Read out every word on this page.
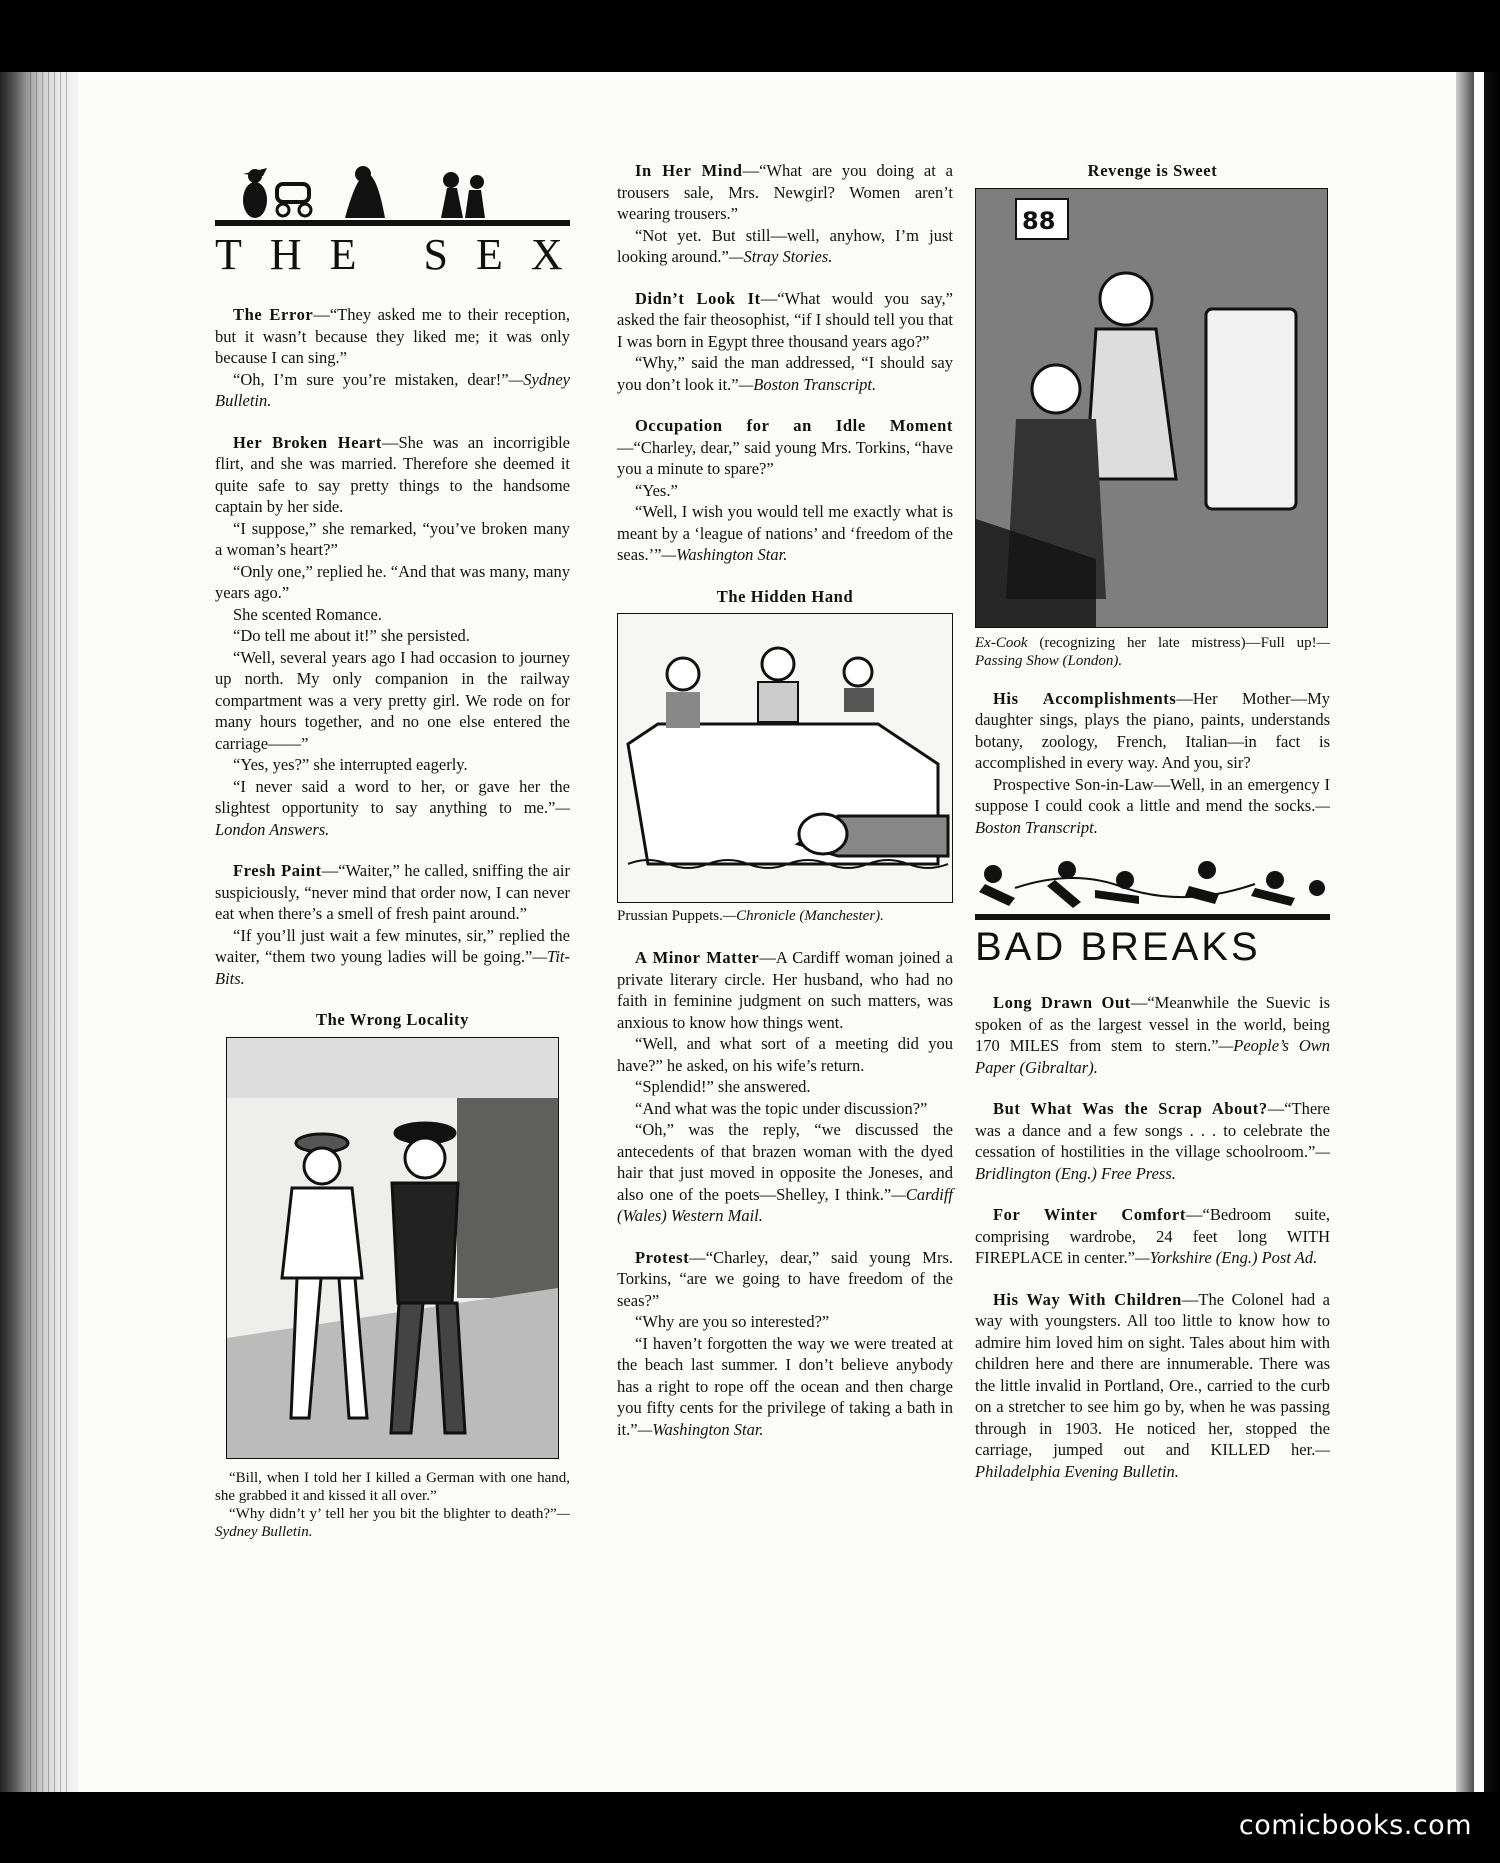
comicbooks.com
THE SEX

The Error—“They asked me to their reception, but it wasn’t because they liked me; it was only because I can sing.”

“Oh, I’m sure you’re mistaken, dear!”—Sydney Bulletin.

Her Broken Heart—She was an incorrigible flirt, and she was married. Therefore she deemed it quite safe to say pretty things to the handsome captain by her side.

“I suppose,” she remarked, “you’ve broken many a woman’s heart?”

“Only one,” replied he. “And that was many, many years ago.”

She scented Romance.

“Do tell me about it!” she persisted.

“Well, several years ago I had occasion to journey up north. My only companion in the railway compartment was a very pretty girl. We rode on for many hours together, and no one else entered the carriage——”

“Yes, yes?” she interrupted eagerly.

“I never said a word to her, or gave her the slightest opportunity to say anything to me.”—London Answers.

Fresh Paint—“Waiter,” he called, sniffing the air suspiciously, “never mind that order now, I can never eat when there’s a smell of fresh paint around.”

“If you’ll just wait a few minutes, sir,” replied the waiter, “them two young ladies will be going.”—Tit-Bits.

The Wrong Locality

“Bill, when I told her I killed a German with one hand, she grabbed it and kissed it all over.”

“Why didn’t y’ tell her you bit the blighter to death?”—Sydney Bulletin.

In Her Mind—“What are you doing at a trousers sale, Mrs. Newgirl? Women aren’t wearing trousers.”

“Not yet. But still—well, anyhow, I’m just looking around.”—Stray Stories.

Didn’t Look It—“What would you say,” asked the fair theosophist, “if I should tell you that I was born in Egypt three thousand years ago?”

“Why,” said the man addressed, “I should say you don’t look it.”—Boston Transcript.

Occupation for an Idle Moment—“Charley, dear,” said young Mrs. Torkins, “have you a minute to spare?”

“Yes.”

“Well, I wish you would tell me exactly what is meant by a ‘league of nations’ and ‘freedom of the seas.’”—Washington Star.

The Hidden Hand
Prussian Puppets.—Chronicle (Manchester).

A Minor Matter—A Cardiff woman joined a private literary circle. Her husband, who had no faith in feminine judgment on such matters, was anxious to know how things went.

“Well, and what sort of a meeting did you have?” he asked, on his wife’s return.

“Splendid!” she answered.

“And what was the topic under discussion?”

“Oh,” was the reply, “we discussed the antecedents of that brazen woman with the dyed hair that just moved in opposite the Joneses, and also one of the poets—Shelley, I think.”—Cardiff (Wales) Western Mail.

Protest—“Charley, dear,” said young Mrs. Torkins, “are we going to have freedom of the seas?”

“Why are you so interested?”

“I haven’t forgotten the way we were treated at the beach last summer. I don’t believe anybody has a right to rope off the ocean and then charge you fifty cents for the privilege of taking a bath in it.”—Washington Star.

Revenge is Sweet
88
Ex-Cook (recognizing her late mistress)—Full up!—Passing Show (London).

His Accomplishments—Her Mother—My daughter sings, plays the piano, paints, understands botany, zoology, French, Italian—in fact is accomplished in every way. And you, sir?

Prospective Son-in-Law—Well, in an emergency I suppose I could cook a little and mend the socks.—Boston Transcript.

BAD BREAKS

Long Drawn Out—“Meanwhile the Suevic is spoken of as the largest vessel in the world, being 170 MILES from stem to stern.”—People’s Own Paper (Gibraltar).

But What Was the Scrap About?—“There was a dance and a few songs . . . to celebrate the cessation of hostilities in the village schoolroom.”—Bridlington (Eng.) Free Press.

For Winter Comfort—“Bedroom suite, comprising wardrobe, 24 feet long WITH FIREPLACE in center.”—Yorkshire (Eng.) Post Ad.

His Way With Children—The Colonel had a way with youngsters. All too little to know how to admire him loved him on sight. Tales about him with children here and there are innumerable. There was the little invalid in Portland, Ore., carried to the curb on a stretcher to see him go by, when he was passing through in 1903. He noticed her, stopped the carriage, jumped out and KILLED her.—Philadelphia Evening Bulletin.
